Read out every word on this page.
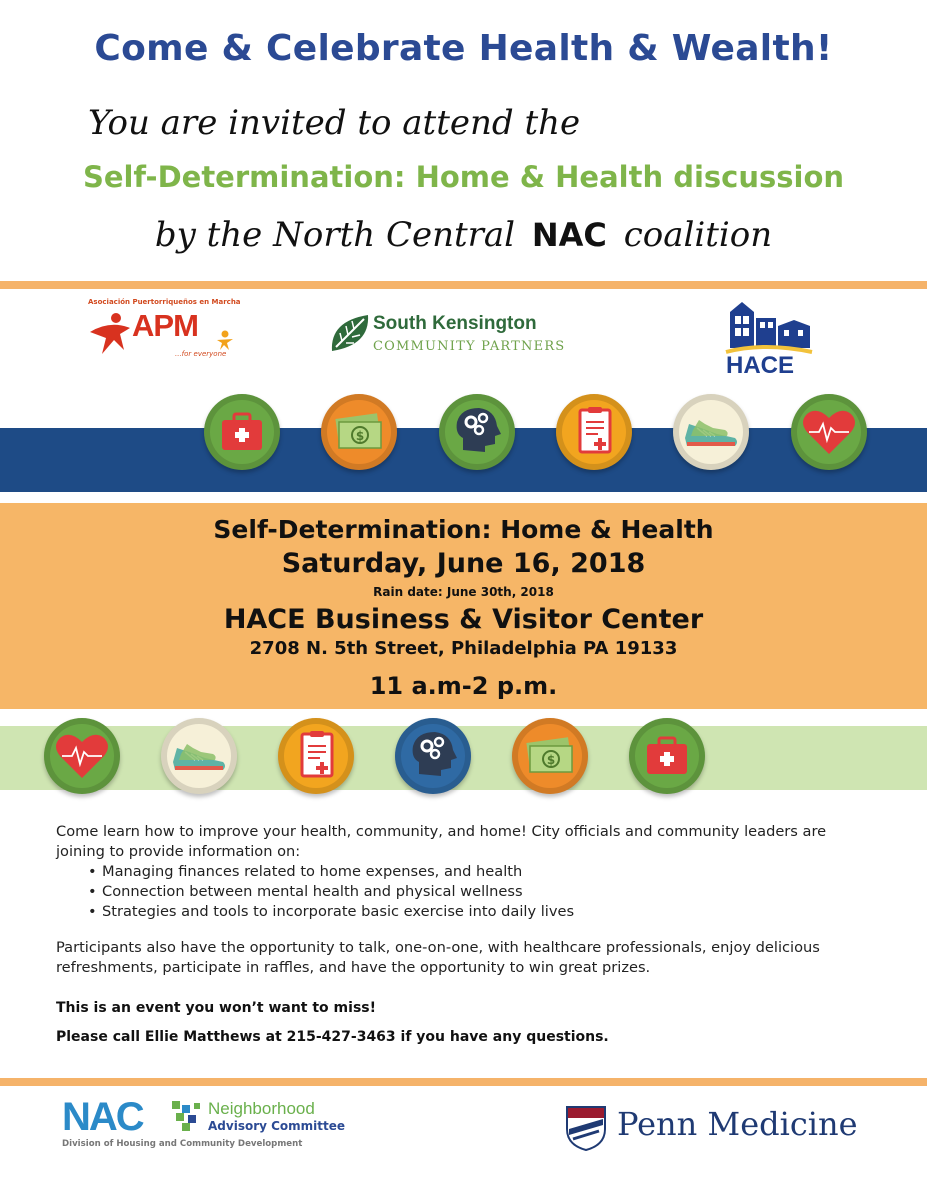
Come & Celebrate Health & Wealth!
You are invited to attend the
Self-Determination: Home & Health discussion
by the North Central NAC coalition
Asociación Puertorriqueños en Marcha
APM
...for everyone
South Kensington
COMMUNITY PARTNERS
HACE
$
Self-Determination: Home & Health
Saturday, June 16, 2018
Rain date: June 30th, 2018
HACE Business & Visitor Center
2708 N. 5th Street, Philadelphia PA 19133
11 a.m-2 p.m.
$

Come learn how to improve your health, community, and home! City officials and community leaders are joining to provide information on:

• Managing finances related to home expenses, and health
• Connection between mental health and physical wellness
• Strategies and tools to incorporate basic exercise into daily lives

Participants also have the opportunity to talk, one-on-one, with healthcare professionals, enjoy delicious refreshments, participate in raffles, and have the opportunity to win great prizes.

This is an event you won’t want to miss!
Please call Ellie Matthews at 215-427-3463 if you have any questions.
NAC	Neighborhood
Advisory Committee
Division of Housing and Community Development
Penn Medicine
